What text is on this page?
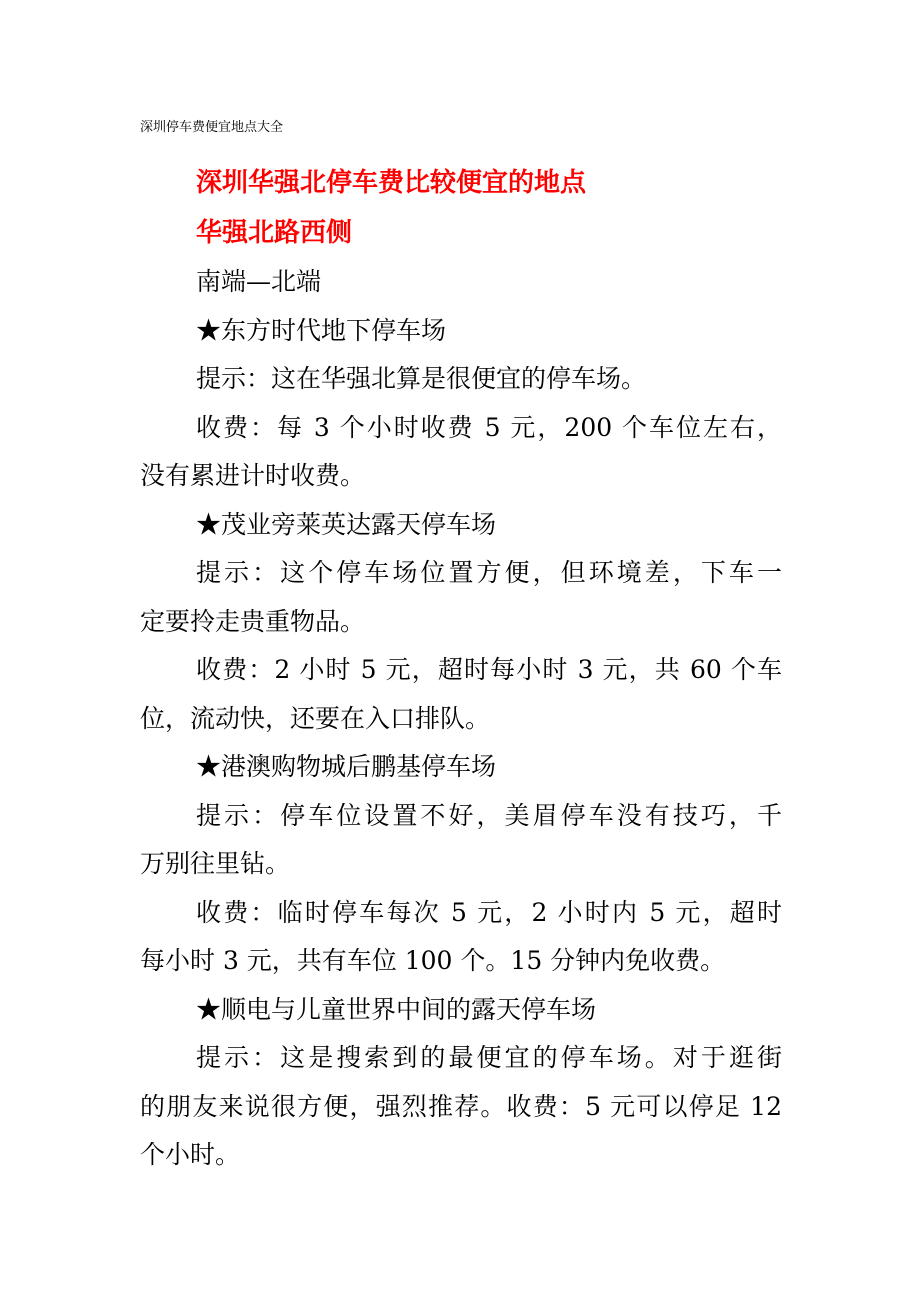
深圳停车费便宜地点大全
深圳华强北停车费比较便宜的地点
华强北路西侧
南端—北端
★东方时代地下停车场
提示：这在华强北算是很便宜的停车场。
收费：每 3 个小时收费 5 元，200 个车位左右，
没有累进计时收费。
★茂业旁莱英达露天停车场
提示：这个停车场位置方便，但环境差，下车一
定要拎走贵重物品。
收费：2 小时 5 元，超时每小时 3 元，共 60 个车
位，流动快，还要在入口排队。
★港澳购物城后鹏基停车场
提示：停车位设置不好，美眉停车没有技巧，千
万别往里钻。
收费：临时停车每次 5 元，2 小时内 5 元，超时
每小时 3 元，共有车位 100 个。15 分钟内免收费。
★顺电与儿童世界中间的露天停车场
提示：这是搜索到的最便宜的停车场。对于逛街
的朋友来说很方便，强烈推荐。收费：5 元可以停足 12
个小时。
